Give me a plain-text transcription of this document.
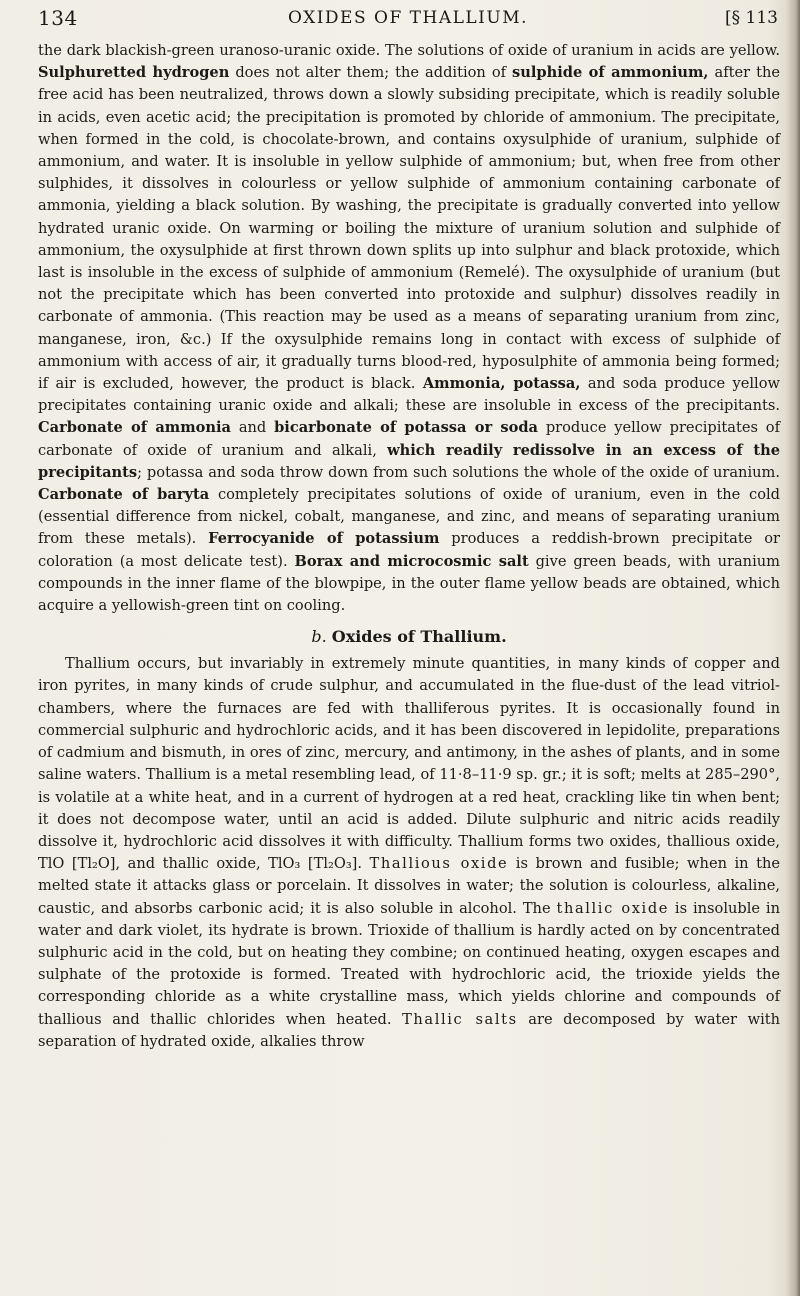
134	OXIDES OF THALLIUM.	[§ 113

the dark blackish-green uranoso-uranic oxide. The solutions of oxide of uranium in acids are yellow. Sulphuretted hydrogen does not alter them; the addition of sulphide of ammonium, after the free acid has been neutralized, throws down a slowly subsiding precipitate, which is readily soluble in acids, even acetic acid; the precipitation is promoted by chloride of ammonium. The precipitate, when formed in the cold, is chocolate-brown, and contains oxysulphide of uranium, sulphide of ammonium, and water. It is insoluble in yellow sulphide of ammonium; but, when free from other sulphides, it dissolves in colourless or yellow sulphide of ammonium containing carbonate of ammonia, yielding a black solution. By washing, the precipitate is gradually converted into yellow hydrated uranic oxide. On warming or boiling the mixture of uranium solution and sulphide of ammonium, the oxysulphide at first thrown down splits up into sulphur and black protoxide, which last is insoluble in the excess of sulphide of ammonium (Remelé). The oxysulphide of uranium (but not the precipitate which has been converted into protoxide and sulphur) dissolves readily in carbonate of ammonia. (This reaction may be used as a means of separating uranium from zinc, manganese, iron, &c.) If the oxysulphide remains long in contact with excess of sulphide of ammonium with access of air, it gradually turns blood-red, hyposulphite of ammonia being formed; if air is excluded, however, the product is black. Ammonia, potassa, and soda produce yellow precipitates containing uranic oxide and alkali; these are insoluble in excess of the precipitants. Carbonate of ammonia and bicarbonate of potassa or soda produce yellow precipitates of carbonate of oxide of uranium and alkali, which readily redissolve in an excess of the precipitants; potassa and soda throw down from such solutions the whole of the oxide of uranium. Carbonate of baryta completely precipitates solutions of oxide of uranium, even in the cold (essential difference from nickel, cobalt, manganese, and zinc, and means of separating uranium from these metals). Ferrocyanide of potassium produces a reddish-brown precipitate or coloration (a most delicate test). Borax and microcosmic salt give green beads, with uranium compounds in the inner flame of the blowpipe, in the outer flame yellow beads are obtained, which acquire a yellowish-green tint on cooling.

b. Oxides of Thallium.

Thallium occurs, but invariably in extremely minute quantities, in many kinds of copper and iron pyrites, in many kinds of crude sulphur, and accumulated in the flue-dust of the lead vitriol-chambers, where the furnaces are fed with thalliferous pyrites. It is occasionally found in commercial sulphuric and hydrochloric acids, and it has been discovered in lepidolite, preparations of cadmium and bismuth, in ores of zinc, mercury, and antimony, in the ashes of plants, and in some saline waters. Thallium is a metal resembling lead, of 11·8–11·9 sp. gr.; it is soft; melts at 285–290°, is volatile at a white heat, and in a current of hydrogen at a red heat, crackling like tin when bent; it does not decompose water, until an acid is added. Dilute sulphuric and nitric acids readily dissolve it, hydrochloric acid dissolves it with difficulty. Thallium forms two oxides, thallious oxide, TlO [Tl₂O], and thallic oxide, TlO₃ [Tl₂O₃]. Thallious oxide is brown and fusible; when in the melted state it attacks glass or porcelain. It dissolves in water; the solution is colourless, alkaline, caustic, and absorbs carbonic acid; it is also soluble in alcohol. The thallic oxide is insoluble in water and dark violet, its hydrate is brown. Trioxide of thallium is hardly acted on by concentrated sulphuric acid in the cold, but on heating they combine; on continued heating, oxygen escapes and sulphate of the protoxide is formed. Treated with hydrochloric acid, the trioxide yields the corresponding chloride as a white crystalline mass, which yields chlorine and compounds of thallious and thallic chlorides when heated. Thallic salts are decomposed by water with separation of hydrated oxide, alkalies throw
